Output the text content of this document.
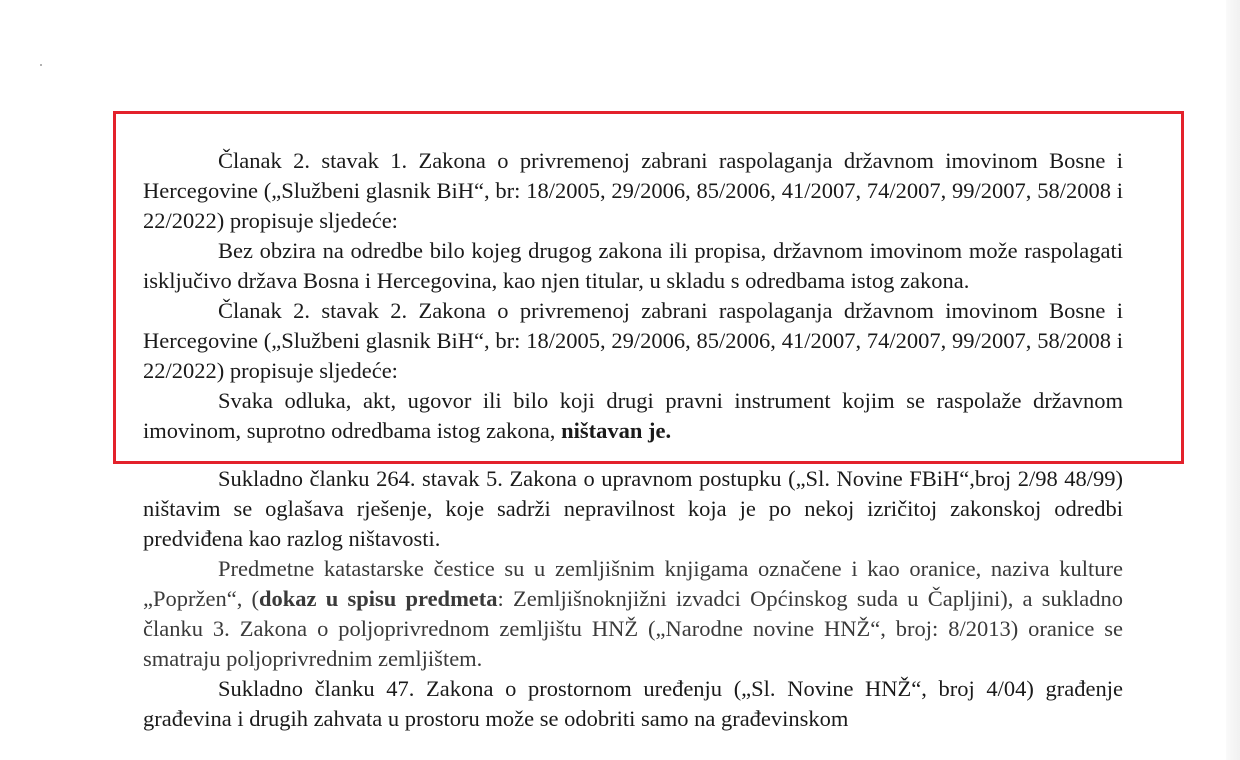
Članak 2. stavak 1. Zakona o privremenoj zabrani raspolaganja državnom imovinom Bosne i Hercegovine („Službeni glasnik BiH“, br: 18/2005, 29/2006, 85/2006, 41/2007, 74/2007, 99/2007, 58/2008 i 22/2022) propisuje sljedeće:

Bez obzira na odredbe bilo kojeg drugog zakona ili propisa, državnom imovinom može raspolagati isključivo država Bosna i Hercegovina, kao njen titular, u skladu s odredbama istog zakona.

Članak 2. stavak 2. Zakona o privremenoj zabrani raspolaganja državnom imovinom Bosne i Hercegovine („Službeni glasnik BiH“, br: 18/2005, 29/2006, 85/2006, 41/2007, 74/2007, 99/2007, 58/2008 i 22/2022) propisuje sljedeće:

Svaka odluka, akt, ugovor ili bilo koji drugi pravni instrument kojim se raspolaže državnom imovinom, suprotno odredbama istog zakona, ništavan je.

Sukladno članku 264. stavak 5. Zakona o upravnom postupku („Sl. Novine FBiH“,broj 2/98 48/99) ništavim se oglašava rješenje, koje sadrži nepravilnost koja je po nekoj izričitoj zakonskoj odredbi predviđena kao razlog ništavosti.

Predmetne katastarske čestice su u zemljišnim knjigama označene i kao oranice, naziva kulture „Popržen“, (dokaz u spisu predmeta: Zemljišnoknjižni izvadci Općinskog suda u Čapljini), a sukladno članku 3. Zakona o poljoprivrednom zemljištu HNŽ („Narodne novine HNŽ“, broj: 8/2013) oranice se smatraju poljoprivrednim zemljištem.

Sukladno članku 47. Zakona o prostornom uređenju („Sl. Novine HNŽ“, broj 4/04) građenje građevina i drugih zahvata u prostoru može se odobriti samo na građevinskom
